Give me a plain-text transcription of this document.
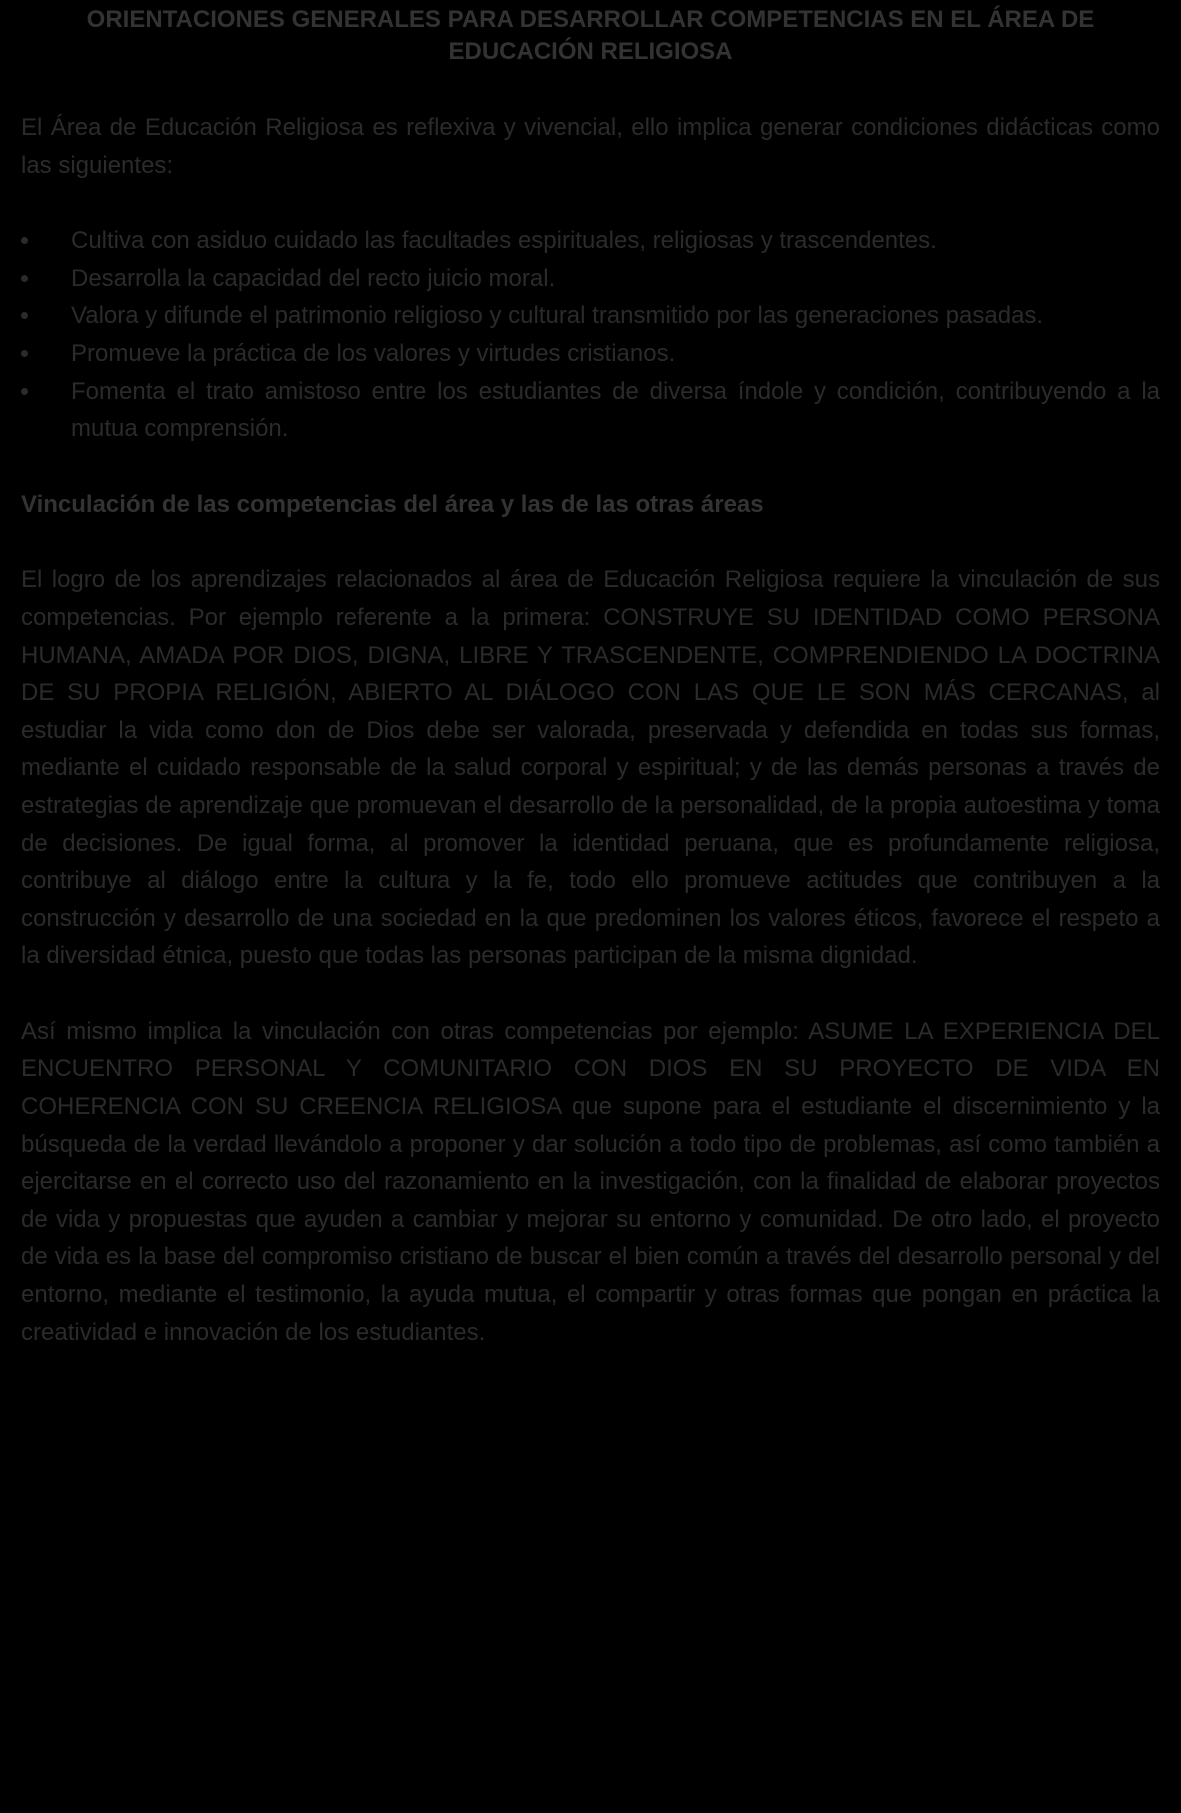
ORIENTACIONES GENERALES PARA DESARROLLAR COMPETENCIAS EN EL ÁREA DE EDUCACIÓN RELIGIOSA

El Área de Educación Religiosa es reflexiva y vivencial, ello implica generar condiciones didácticas como las siguientes:

Cultiva con asiduo cuidado las facultades espirituales, religiosas y trascendentes.
Desarrolla la capacidad del recto juicio moral.
Valora y difunde el patrimonio religioso y cultural transmitido por las generaciones pasadas.
Promueve la práctica de los valores y virtudes cristianos.
Fomenta el trato amistoso entre los estudiantes de diversa índole y condición, contribuyendo a la mutua comprensión.
Vinculación de las competencias del área y las de las otras áreas

El logro de los aprendizajes relacionados al área de Educación Religiosa requiere la vinculación de sus competencias. Por ejemplo referente a la primera: CONSTRUYE SU IDENTIDAD COMO PERSONA HUMANA, AMADA POR DIOS, DIGNA, LIBRE Y TRASCENDENTE, COMPRENDIENDO LA DOCTRINA DE SU PROPIA RELIGIÓN, ABIERTO AL DIÁLOGO CON LAS QUE LE SON MÁS CERCANAS, al estudiar la vida como don de Dios debe ser valorada, preservada y defendida en todas sus formas, mediante el cuidado responsable de la salud corporal y espiritual; y de las demás personas a través de estrategias de aprendizaje que promuevan el desarrollo de la personalidad, de la propia autoestima y toma de decisiones. De igual forma, al promover la identidad peruana, que es profundamente religiosa, contribuye al diálogo entre la cultura y la fe, todo ello promueve actitudes que contribuyen a la construcción y desarrollo de una sociedad en la que predominen los valores éticos, favorece el respeto a la diversidad étnica, puesto que todas las personas participan de la misma dignidad.

Así mismo implica la vinculación con otras competencias por ejemplo: ASUME LA EXPERIENCIA DEL ENCUENTRO PERSONAL Y COMUNITARIO CON DIOS EN SU PROYECTO DE VIDA EN COHERENCIA CON SU CREENCIA RELIGIOSA que supone para el estudiante el discernimiento y la búsqueda de la verdad llevándolo a proponer y dar solución a todo tipo de problemas, así como también a ejercitarse en el correcto uso del razonamiento en la investigación, con la finalidad de elaborar proyectos de vida y propuestas que ayuden a cambiar y mejorar su entorno y comunidad. De otro lado, el proyecto de vida es la base del compromiso cristiano de buscar el bien común a través del desarrollo personal y del entorno, mediante el testimonio, la ayuda mutua, el compartir y otras formas que pongan en práctica la creatividad e innovación de los estudiantes.
